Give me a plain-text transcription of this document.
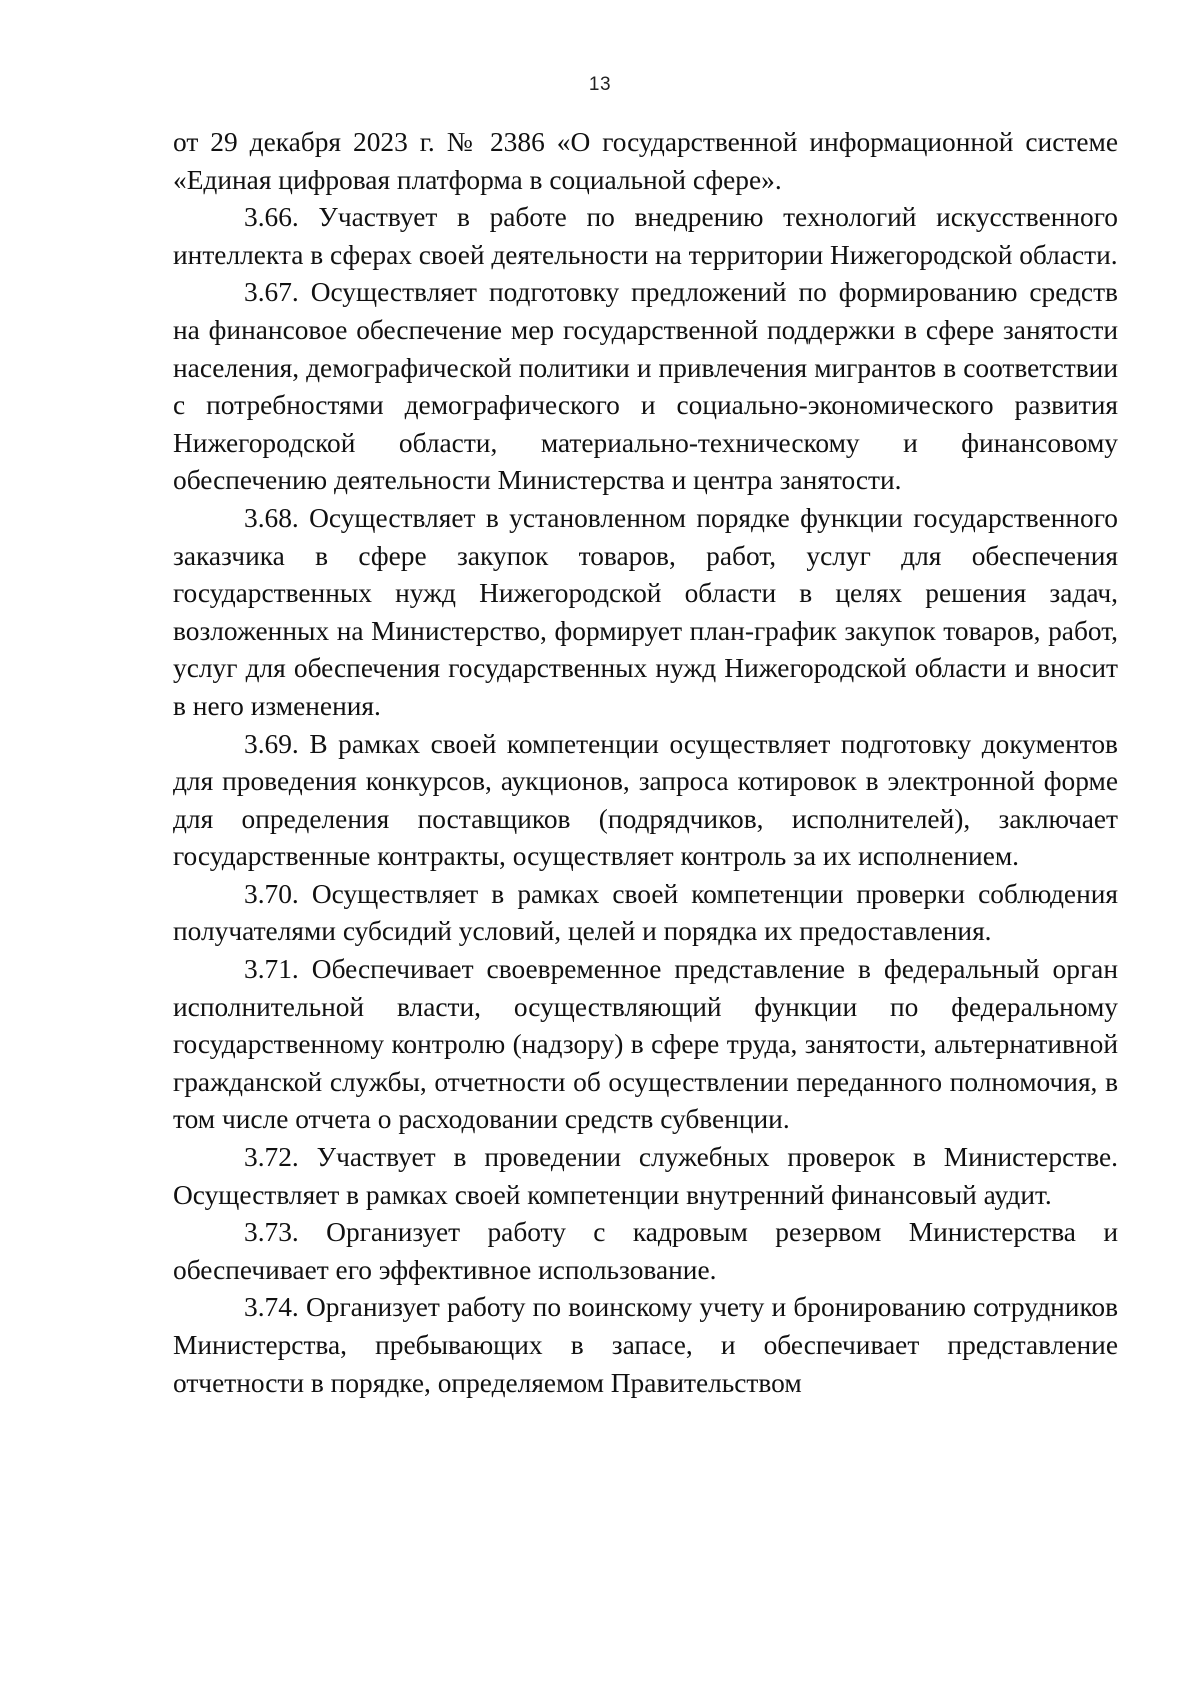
13

от 29 декабря 2023 г. № 2386 «О государственной информационной системе «Единая цифровая платформа в социальной сфере».

3.66. Участвует в работе по внедрению технологий искусственного интеллекта в сферах своей деятельности на территории Нижегородской области.

3.67. Осуществляет подготовку предложений по формированию средств на финансовое обеспечение мер государственной поддержки в сфере занятости населения, демографической политики и привлечения мигрантов в соответствии с потребностями демографического и социально-экономического развития Нижегородской области, материально-техническому и финансовому обеспечению деятельности Министерства и центра занятости.

3.68. Осуществляет в установленном порядке функции государственного заказчика в сфере закупок товаров, работ, услуг для обеспечения государственных нужд Нижегородской области в целях решения задач, возложенных на Министерство, формирует план-график закупок товаров, работ, услуг для обеспечения государственных нужд Нижегородской области и вносит в него изменения.

3.69. В рамках своей компетенции осуществляет подготовку документов для проведения конкурсов, аукционов, запроса котировок в электронной форме для определения поставщиков (подрядчиков, исполнителей), заключает государственные контракты, осуществляет контроль за их исполнением.

3.70. Осуществляет в рамках своей компетенции проверки соблюдения получателями субсидий условий, целей и порядка их предоставления.

3.71. Обеспечивает своевременное представление в федеральный орган исполнительной власти, осуществляющий функции по федеральному государственному контролю (надзору) в сфере труда, занятости, альтернативной гражданской службы, отчетности об осуществлении переданного полномочия, в том числе отчета о расходовании средств субвенции.

3.72. Участвует в проведении служебных проверок в Министерстве. Осуществляет в рамках своей компетенции внутренний финансовый аудит.

3.73. Организует работу с кадровым резервом Министерства и обеспечивает его эффективное использование.

3.74. Организует работу по воинскому учету и бронированию сотрудников Министерства, пребывающих в запасе, и обеспечивает представление отчетности в порядке, определяемом Правительством
